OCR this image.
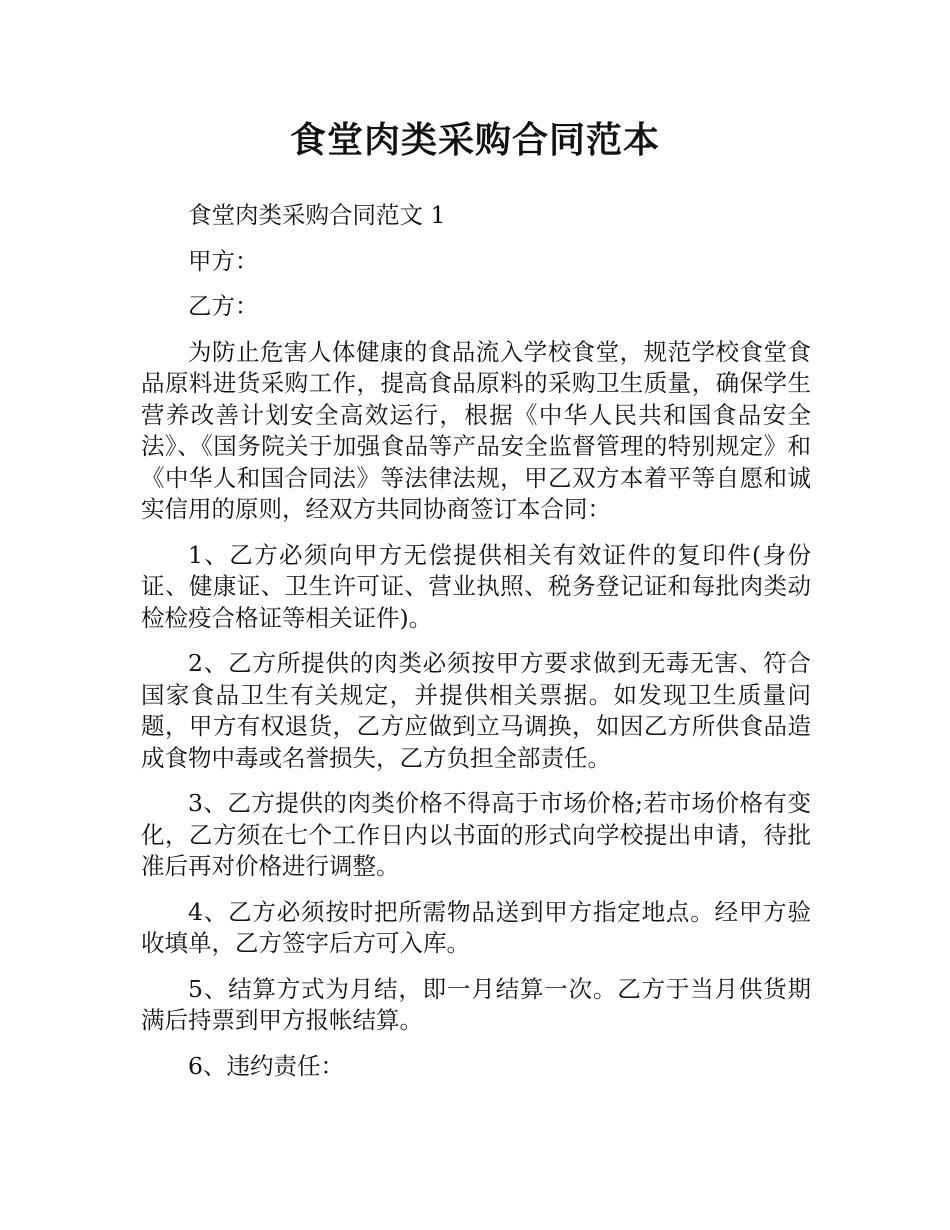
食堂肉类采购合同范本

食堂肉类采购合同范文 1

甲方：

乙方：

为防止危害人体健康的食品流入学校食堂，规范学校食堂食品原料进货采购工作，提高食品原料的采购卫生质量，确保学生营养改善计划安全高效运行，根据《中华人民共和国食品安全法》、《国务院关于加强食品等产品安全监督管理的特别规定》和《中华人和国合同法》等法律法规，甲乙双方本着平等自愿和诚实信用的原则，经双方共同协商签订本合同：

1、乙方必须向甲方无偿提供相关有效证件的复印件(身份证、健康证、卫生许可证、营业执照、税务登记证和每批肉类动检检疫合格证等相关证件)。

2、乙方所提供的肉类必须按甲方要求做到无毒无害、符合国家食品卫生有关规定，并提供相关票据。如发现卫生质量问题，甲方有权退货，乙方应做到立马调换，如因乙方所供食品造成食物中毒或名誉损失，乙方负担全部责任。

3、乙方提供的肉类价格不得高于市场价格;若市场价格有变化，乙方须在七个工作日内以书面的形式向学校提出申请，待批准后再对价格进行调整。

4、乙方必须按时把所需物品送到甲方指定地点。经甲方验收填单，乙方签字后方可入库。

5、结算方式为月结，即一月结算一次。乙方于当月供货期满后持票到甲方报帐结算。

6、违约责任：
